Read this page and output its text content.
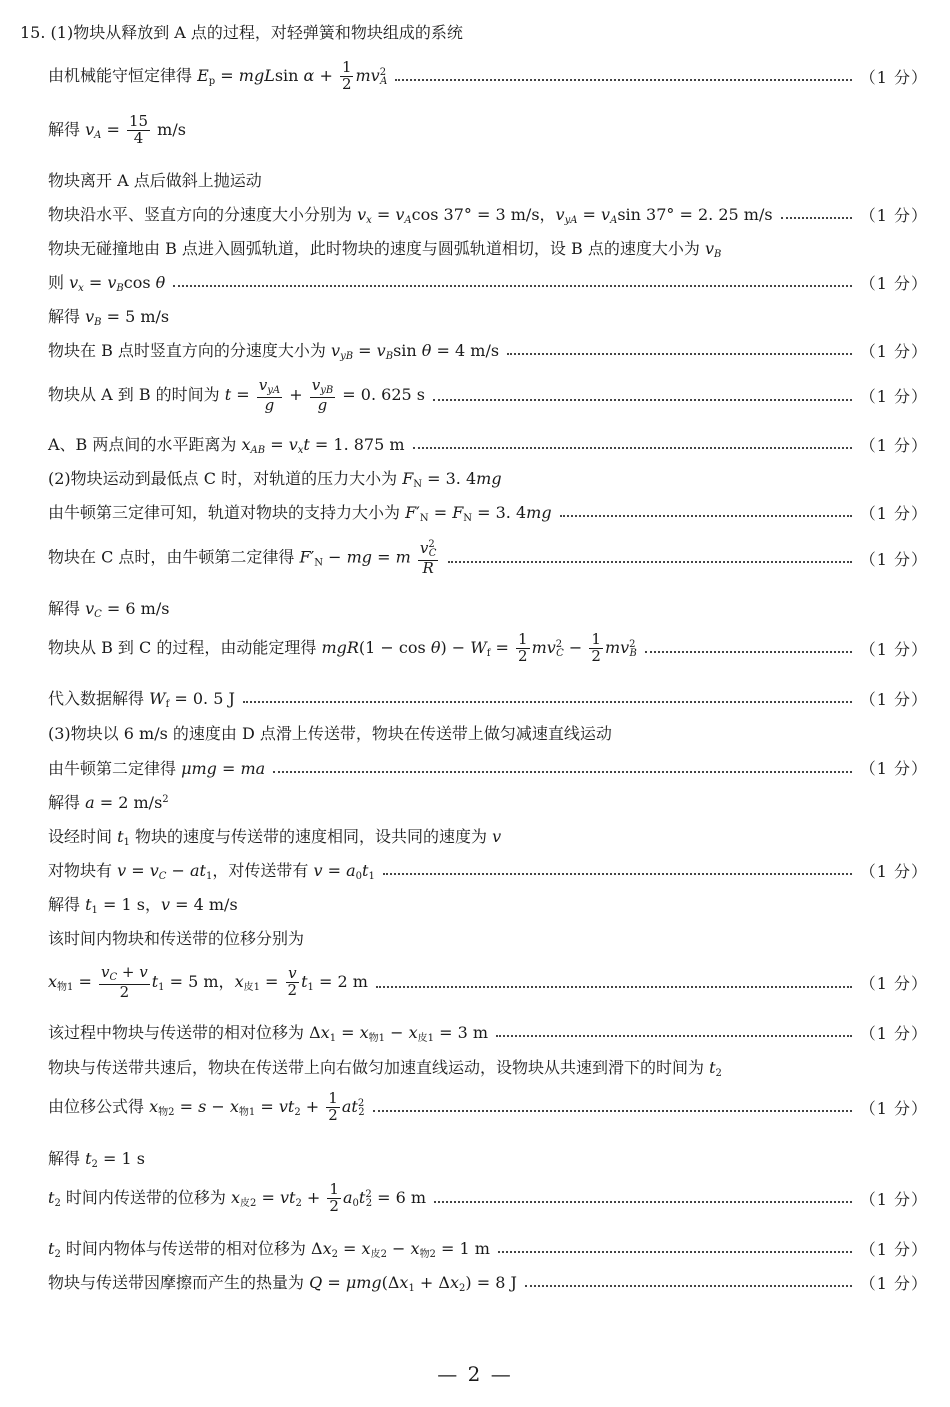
15. (1)物块从释放到 A 点的过程，对轻弹簧和物块组成的系统
由机械能守恒定律得 $E_p = mgLsin$ $\alpha + \frac{1}{2} mv^2_A$	（1 分）
解得 $v_A = \frac{15}{4} m/s$
物块离开 A 点后做斜上抛运动
物块沿水平、竖直方向的分速度大小分别为 $v_x = v_A\cos$ 37° = 3 m/s，$v_{yA} = v_A\sin$ 37° = 2. 25 m/s	（1 分）
物块无碰撞地由 B 点进入圆弧轨道，此时物块的速度与圆弧轨道相切，设 B 点的速度大小为 $v_B$
则 $v_x = v_B\cos$ θ	（1 分）
解得 $v_B = 5$ m/s
物块在 B 点时竖直方向的分速度大小为 $v_{yB} = v_B\sin$ θ = 4 m/s	（1 分）
物块从 A 到 B 的时间为 $t = \frac{v_{yA}}{g} + \frac{v_{yB}}{g} = 0$. 625 s	（1 分）
A、B 两点间的水平距离为 $x_{AB} = v_xt = 1$. 875 m	（1 分）
(2)物块运动到最低点 C 时，对轨道的压力大小为 $F_N = 3$. 4mg
由牛顿第三定律可知，轨道对物块的支持力大小为 $F'_N = F_N = 3$. 4mg	（1 分）
物块在 C 点时，由牛顿第二定律得 $F'_N$ − mg = m $\frac{v^2_C}{R}$	（1 分）
解得 $v_C = 6$ m/s
物块从 B 到 C 的过程，由动能定理得 $mgR(1 - \cos \theta) - W_f = \frac{1}{2} mv^2_C - \frac{1}{2} mv^2_B$	（1 分）
代入数据解得 $W_f = 0$. 5 J	（1 分）
(3)物块以 6 m/s 的速度由 D 点滑上传送带，物块在传送带上做匀减速直线运动
由牛顿第二定律得 μmg = ma	（1 分）
解得 a = 2 $m/s^2$
设经时间 $t_1$ 物块的速度与传送带的速度相同，设共同的速度为 v
对物块有 $v = v_C - at_1$，对传送带有 $v = a_0t_1$	（1 分）
解得 $t_1 = 1$ s，v = 4 m/s
该时间内物块和传送带的位移分别为
$x_{物1} = \frac{v_C + v}{2} t_1 = 5$ m，$x_{皮1} = \frac{v}{2} t_1 = 2$ m	（1 分）
该过程中物块与传送带的相对位移为 $\Delta x_1 = x_{物1} - x_{皮1} = 3$ m	（1 分）
物块与传送带共速后，物块在传送带上向右做匀加速直线运动，设物块从共速到滑下的时间为 $t_2$
由位移公式得 $x_{物2} = s - x_{物1} = vt_2 + \frac{1}{2} at^2_2$	（1 分）
解得 $t_2 = 1$ s
$t_2$ 时间内传送带的位移为 $x_{皮2} = vt_2 + \frac{1}{2} a_0t^2_2 = 6$ m	（1 分）
$t_2$ 时间内物体与传送带的相对位移为 $\Delta x_2 = x_{皮2} - x_{物2} = 1$ m	（1 分）
物块与传送带因摩擦而产生的热量为 $Q = \mu mg(\Delta x_1 + \Delta x_2) = 8$ J	（1 分）
— 2 —
